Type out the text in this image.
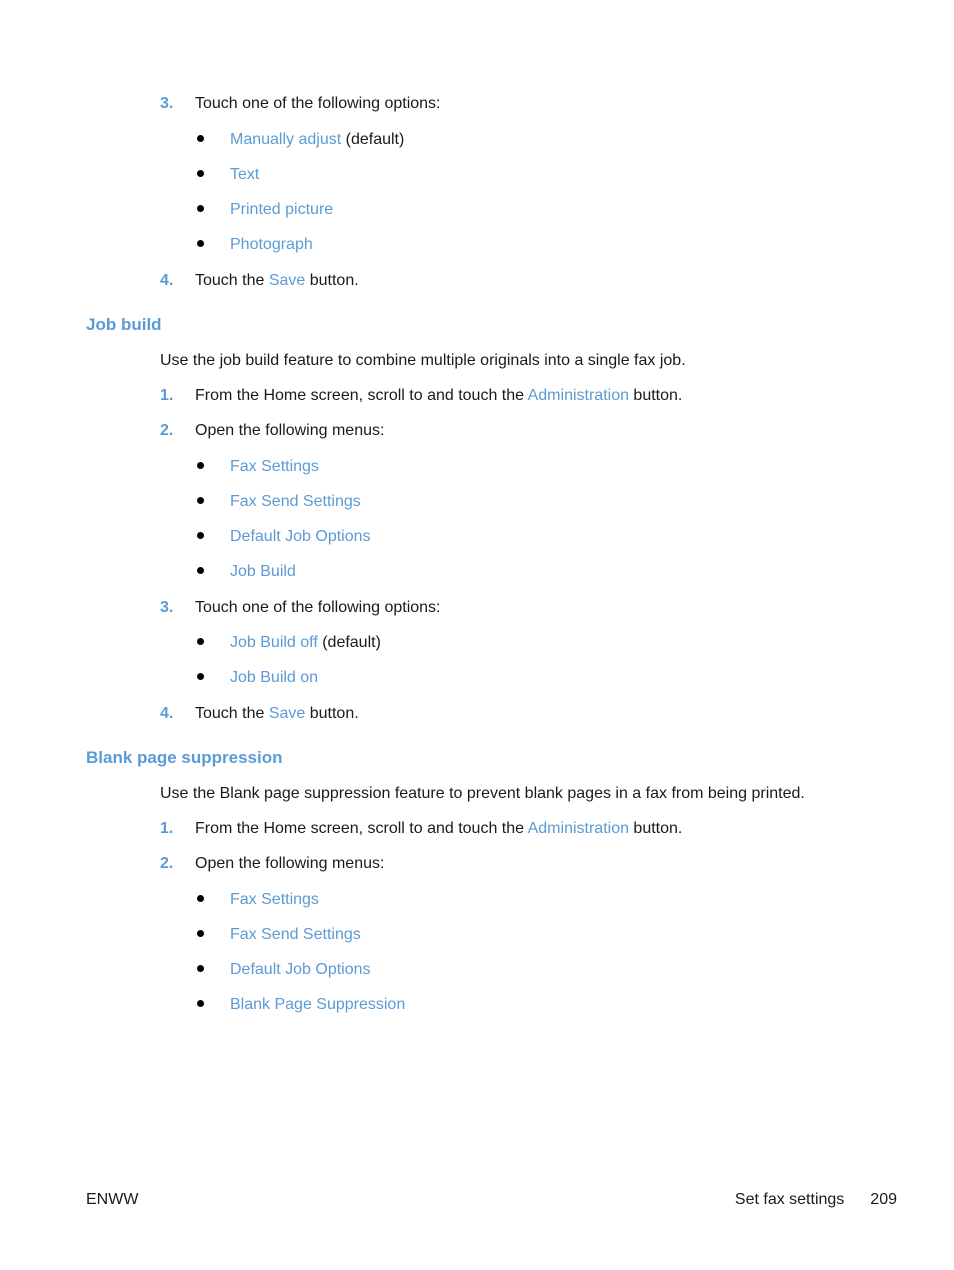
3. Touch one of the following options:
Manually adjust (default)
Text
Printed picture
Photograph
4. Touch the Save button.
Job build
Use the job build feature to combine multiple originals into a single fax job.
1. From the Home screen, scroll to and touch the Administration button.
2. Open the following menus:
Fax Settings
Fax Send Settings
Default Job Options
Job Build
3. Touch one of the following options:
Job Build off (default)
Job Build on
4. Touch the Save button.
Blank page suppression
Use the Blank page suppression feature to prevent blank pages in a fax from being printed.
1. From the Home screen, scroll to and touch the Administration button.
2. Open the following menus:
Fax Settings
Fax Send Settings
Default Job Options
Blank Page Suppression
ENWW	Set fax settings 209
